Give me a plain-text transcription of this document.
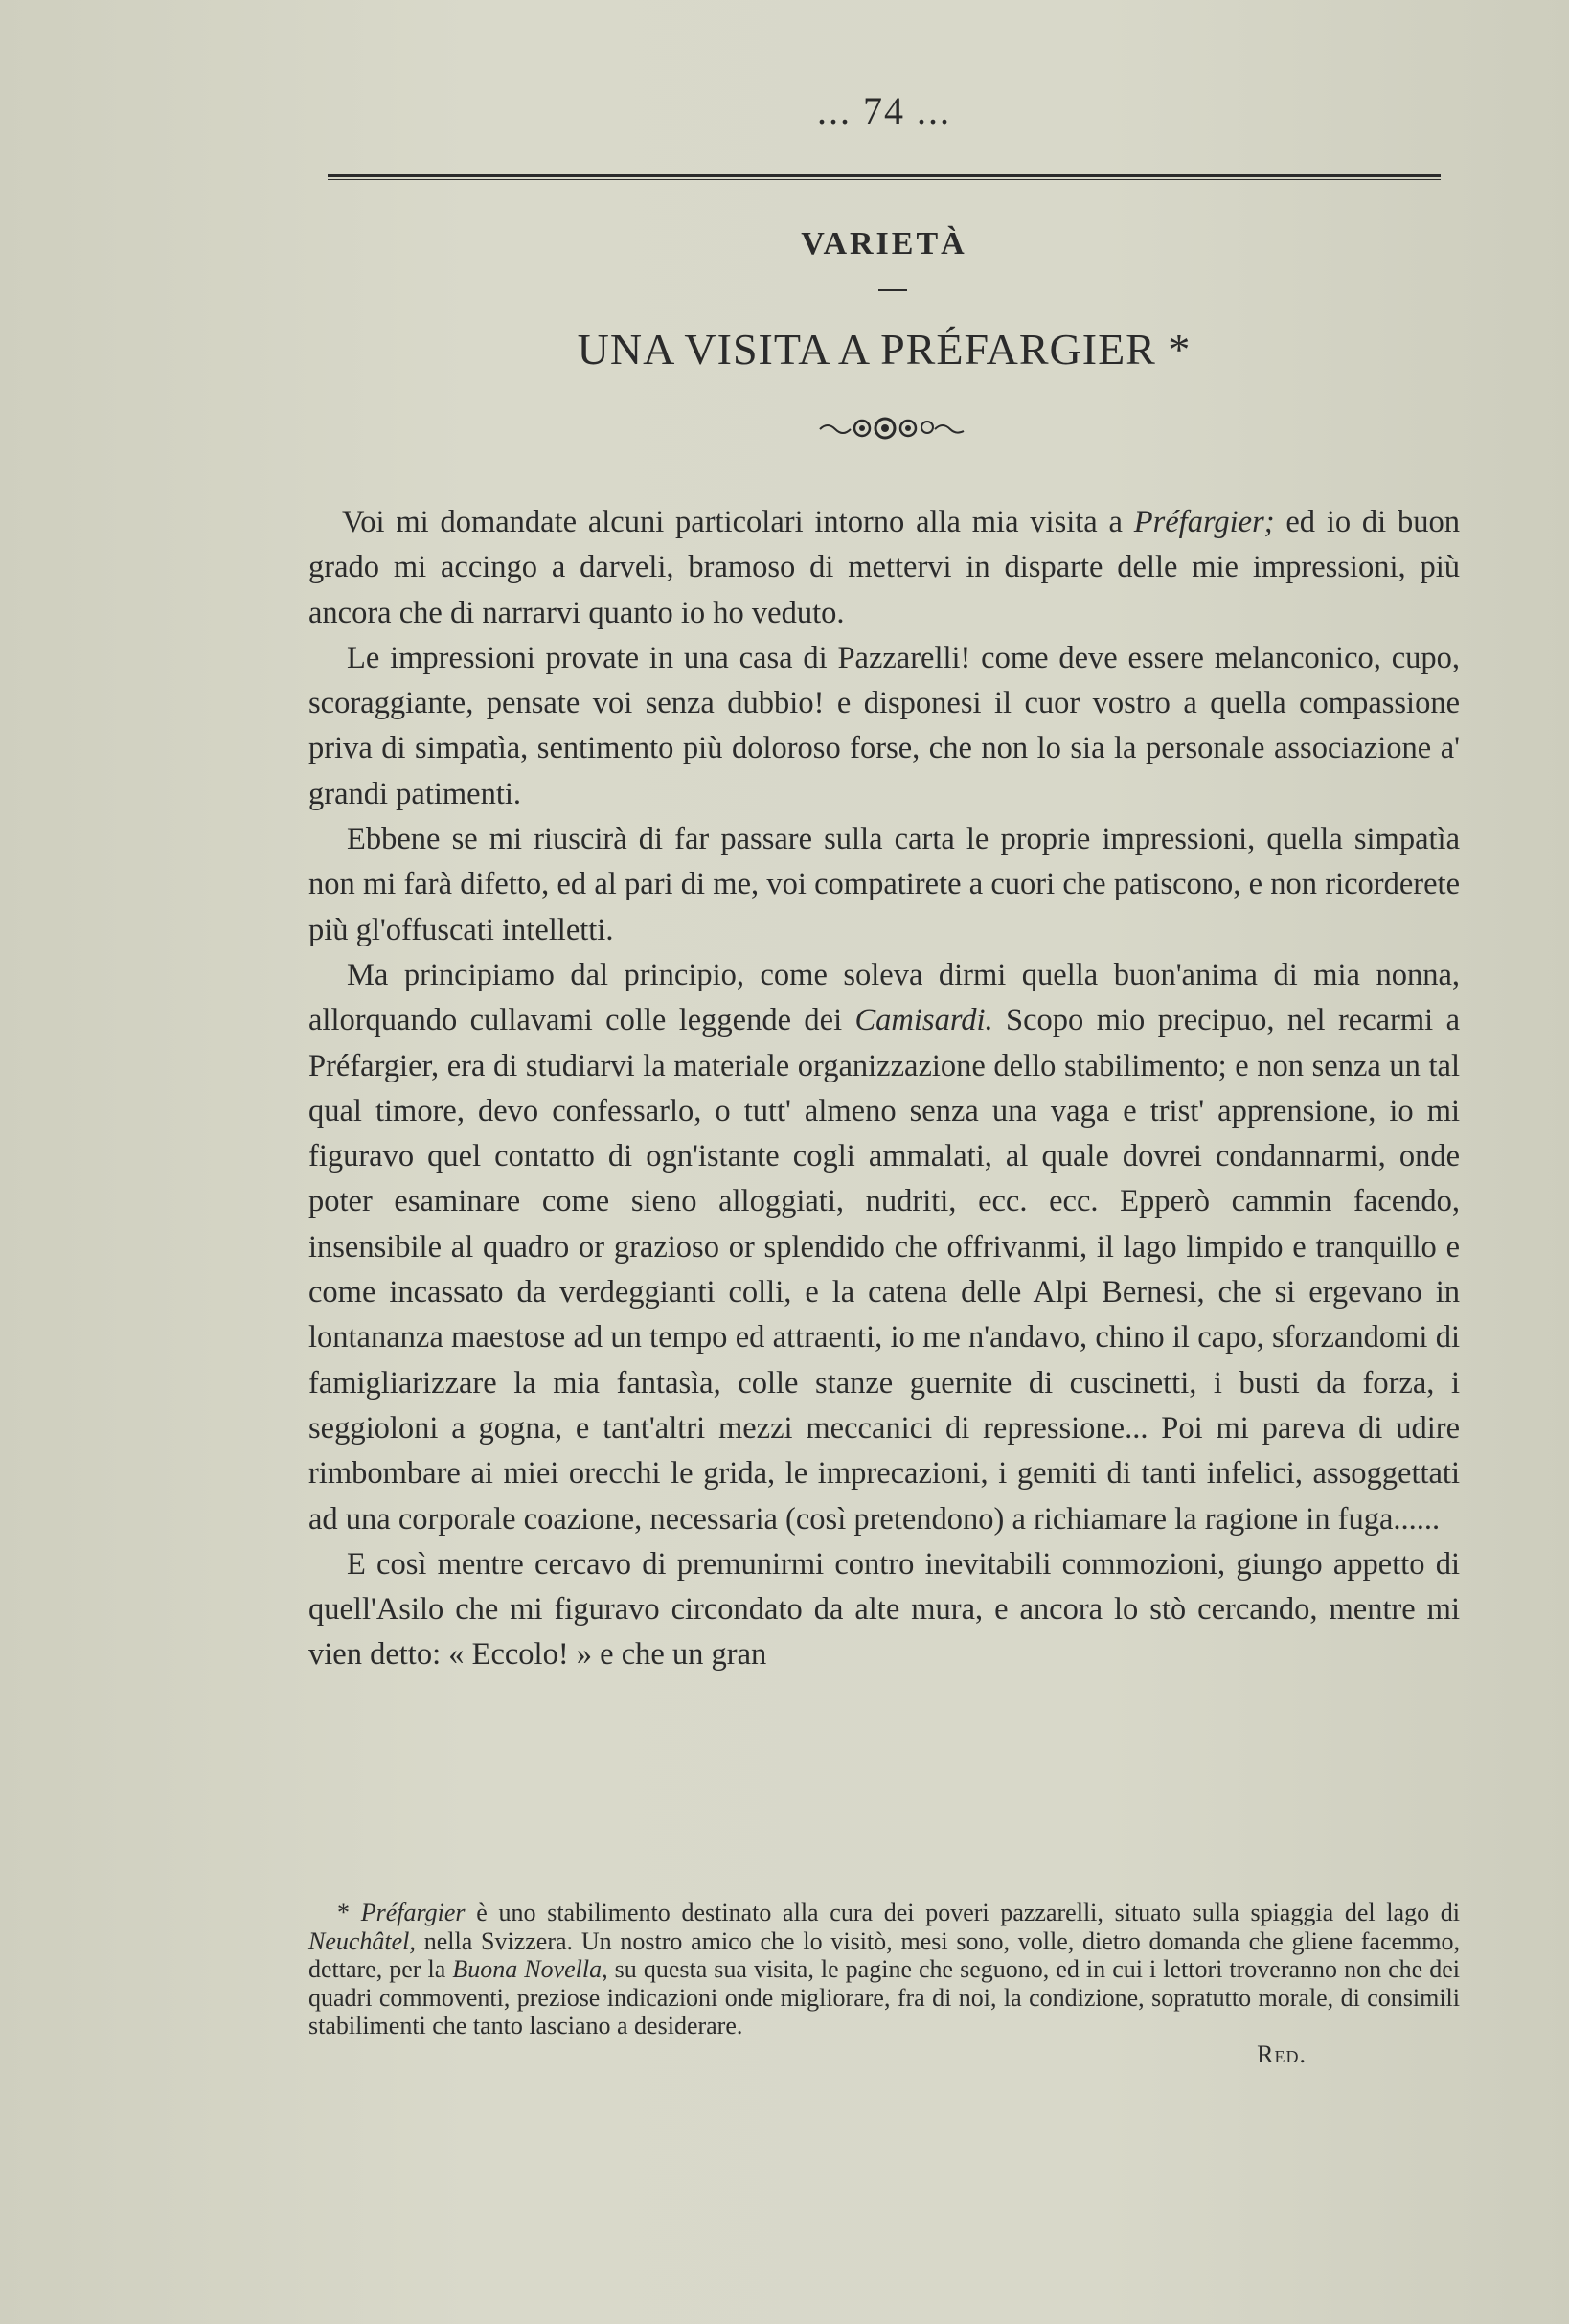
... 74 ...
VARIETÀ
UNA VISITA A PRÉFARGIER *

Voi mi domandate alcuni particolari intorno alla mia visita a Préfargier; ed io di buon grado mi accingo a darveli, bramoso di mettervi in disparte delle mie impressioni, più ancora che di narrarvi quanto io ho veduto.

Le impressioni provate in una casa di Pazzarelli! come deve essere melanconico, cupo, scoraggiante, pensate voi senza dubbio! e disponesi il cuor vostro a quella compassione priva di simpatìa, sentimento più doloroso forse, che non lo sia la personale associazione a' grandi patimenti.

Ebbene se mi riuscirà di far passare sulla carta le proprie impressioni, quella simpatìa non mi farà difetto, ed al pari di me, voi compatirete a cuori che patiscono, e non ricorderete più gl'offuscati intelletti.

Ma principiamo dal principio, come soleva dirmi quella buon'anima di mia nonna, allorquando cullavami colle leggende dei Camisardi. Scopo mio precipuo, nel recarmi a Préfargier, era di studiarvi la materiale organizzazione dello stabilimento; e non senza un tal qual timore, devo confessarlo, o tutt' almeno senza una vaga e trist' apprensione, io mi figuravo quel contatto di ogn'istante cogli ammalati, al quale dovrei condannarmi, onde poter esaminare come sieno alloggiati, nudriti, ecc. ecc. Epperò cammin facendo, insensibile al quadro or grazioso or splendido che offrivanmi, il lago limpido e tranquillo e come incassato da verdeggianti colli, e la catena delle Alpi Bernesi, che si ergevano in lontananza maestose ad un tempo ed attraenti, io me n'andavo, chino il capo, sforzandomi di famigliarizzare la mia fantasìa, colle stanze guernite di cuscinetti, i busti da forza, i seggioloni a gogna, e tant'altri mezzi meccanici di repressione... Poi mi pareva di udire rimbombare ai miei orecchi le grida, le imprecazioni, i gemiti di tanti infelici, assoggettati ad una corporale coazione, necessaria (così pretendono) a richiamare la ragione in fuga......

E così mentre cercavo di premunirmi contro inevitabili commozioni, giungo appetto di quell'Asilo che mi figuravo circondato da alte mura, e ancora lo stò cercando, mentre mi vien detto: « Eccolo! » e che un gran

* Préfargier è uno stabilimento destinato alla cura dei poveri pazzarelli, situato sulla spiaggia del lago di Neuchâtel, nella Svizzera. Un nostro amico che lo visitò, mesi sono, volle, dietro domanda che gliene facemmo, dettare, per la Buona Novella, su questa sua visita, le pagine che seguono, ed in cui i lettori troveranno non che dei quadri commoventi, preziose indicazioni onde migliorare, fra di noi, la condizione, sopratutto morale, di consimili stabilimenti che tanto lasciano a desiderare.

Red.
